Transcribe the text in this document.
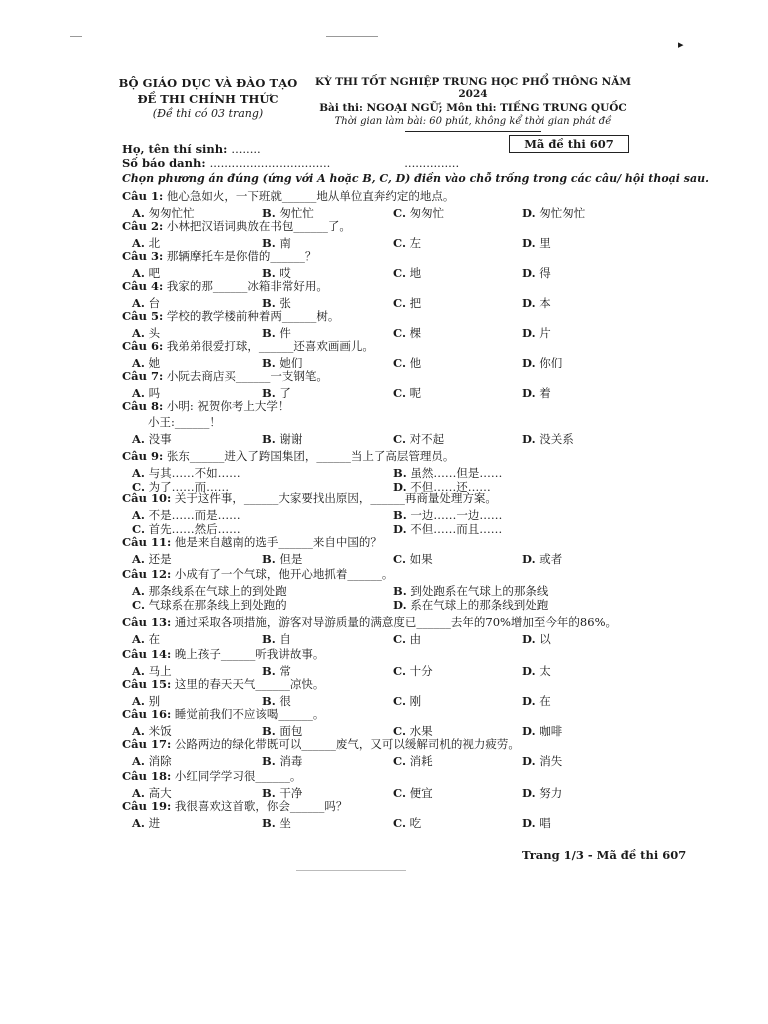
▸
BỘ GIÁO DỤC VÀ ĐÀO TẠO
ĐỀ THI CHÍNH THỨC
(Đề thi có 03 trang)
KỲ THI TỐT NGHIỆP TRUNG HỌC PHỔ THÔNG NĂM 2024
Bài thi: NGOẠI NGỮ; Môn thi: TIẾNG TRUNG QUỐC
Thời gian làm bài: 60 phút, không kể thời gian phát đề
Họ, tên thí sinh: ........
Số báo danh: .................................	...............
Mã đề thi 607
Chọn phương án đúng (ứng với A hoặc B, C, D) điền vào chỗ trống trong các câu/ hội thoại sau.
Câu 1: 他心急如火，一下班就______地从单位直奔约定的地点。
A. 匆匆忙忙	B. 匆忙忙	C. 匆匆忙	D. 匆忙匆忙
Câu 2: 小林把汉语词典放在书包______了。
A. 北	B. 南	C. 左	D. 里
Câu 3: 那辆摩托车是你借的______？
A. 吧	B. 哎	C. 地	D. 得
Câu 4: 我家的那______冰箱非常好用。
A. 台	B. 张	C. 把	D. 本
Câu 5: 学校的教学楼前种着两______树。
A. 头	B. 件	C. 棵	D. 片
Câu 6: 我弟弟很爱打球，______还喜欢画画儿。
A. 她	B. 她们	C. 他	D. 你们
Câu 7: 小阮去商店买______一支钢笔。
A. 吗	B. 了	C. 呢	D. 着
Câu 8: 小明: 祝贺你考上大学！
小王:______！
A. 没事	B. 谢谢	C. 对不起	D. 没关系
Câu 9: 张东______进入了跨国集团，______当上了高层管理员。
A. 与其……不如……	B. 虽然……但是……
C. 为了……而……	D. 不但……还……
Câu 10: 关于这件事，______大家要找出原因，______再商量处理方案。
A. 不是……而是……	B. 一边……一边……
C. 首先……然后……	D. 不但……而且……
Câu 11: 他是来自越南的选手______来自中国的？
A. 还是	B. 但是	C. 如果	D. 或者
Câu 12: 小成有了一个气球，他开心地抓着______。
A. 那条线系在气球上的到处跑	B. 到处跑系在气球上的那条线
C. 气球系在那条线上到处跑的	D. 系在气球上的那条线到处跑
Câu 13: 通过采取各项措施，游客对导游质量的满意度已______去年的70%增加至今年的86%。
A. 在	B. 自	C. 由	D. 以
Câu 14: 晚上孩子______听我讲故事。
A. 马上	B. 常	C. 十分	D. 太
Câu 15: 这里的春天天气______凉快。
A. 别	B. 很	C. 刚	D. 在
Câu 16: 睡觉前我们不应该喝______。
A. 米饭	B. 面包	C. 水果	D. 咖啡
Câu 17: 公路两边的绿化带既可以______废气，又可以缓解司机的视力疲劳。
A. 消除	B. 消毒	C. 消耗	D. 消失
Câu 18: 小红同学学习很______。
A. 高大	B. 干净	C. 便宜	D. 努力
Câu 19: 我很喜欢这首歌，你会______吗？
A. 进	B. 坐	C. 吃	D. 唱
Trang 1/3 - Mã đề thi 607
